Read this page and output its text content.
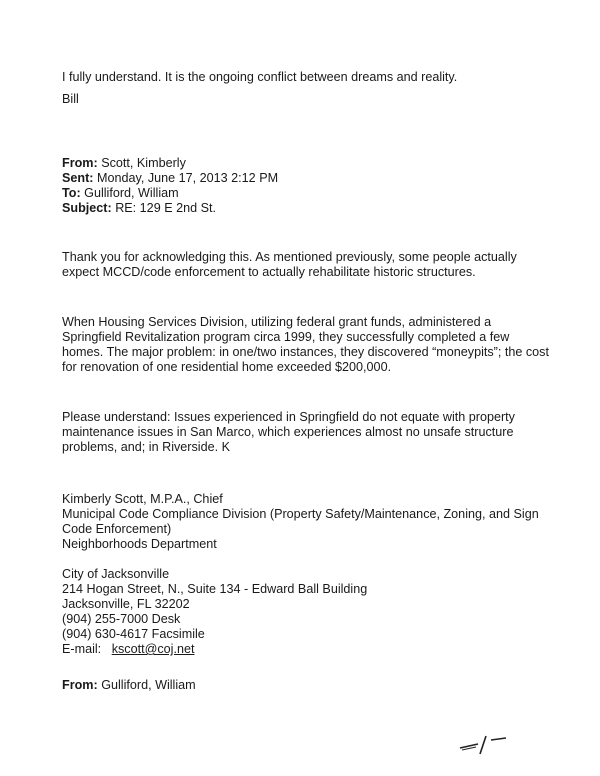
I fully understand. It is the ongoing conflict between dreams and reality.

Bill

From: Scott, Kimberly

Sent: Monday, June 17, 2013 2:12 PM

To: Gulliford, William

Subject: RE: 129 E 2nd St.

Thank you for acknowledging this. As mentioned previously, some people actually

expect MCCD/code enforcement to actually rehabilitate historic structures.

When Housing Services Division, utilizing federal grant funds, administered a

Springfield Revitalization program circa 1999, they successfully completed a few

homes. The major problem: in one/two instances, they discovered “moneypits”; the cost

for renovation of one residential home exceeded $200,000.

Please understand: Issues experienced in Springfield do not equate with property

maintenance issues in San Marco, which experiences almost no unsafe structure

problems, and; in Riverside. K

Kimberly Scott, M.P.A., Chief

Municipal Code Compliance Division (Property Safety/Maintenance, Zoning, and Sign

Code Enforcement)

Neighborhoods Department

City of Jacksonville

214 Hogan Street, N., Suite 134 - Edward Ball Building

Jacksonville, FL 32202

(904) 255-7000 Desk

(904) 630-4617 Facsimile

E-mail: kscott@coj.net

From: Gulliford, William
